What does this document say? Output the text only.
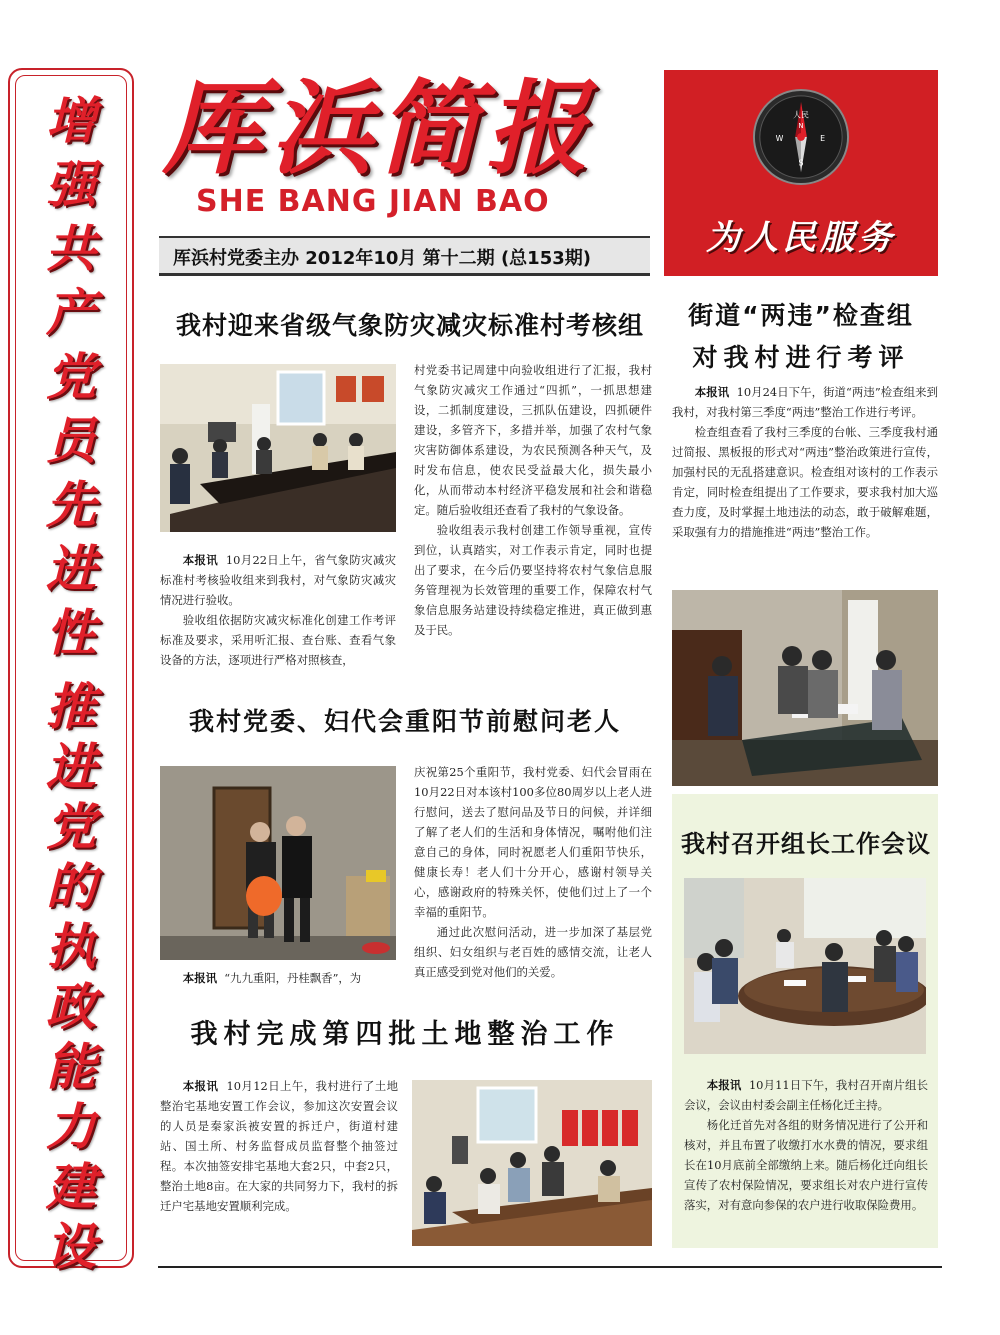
增
强
共
产
党
员
先
进
性
推
进
党
的
执
政
能
力
建
设
厍浜简报
SHE BANG JIAN BAO
厍浜村党委主办 2012年10月 第十二期 (总153期)
人民
N
S
E
W
为人民服务
我村迎来省级气象防灾减灾标准村考核组

本报讯 10月22日上午，省气象防灾减灾标准村考核验收组来到我村，对气象防灾减灾情况进行验收。

验收组依据防灾减灾标准化创建工作考评标准及要求，采用听汇报、查台账、查看气象设备的方法，逐项进行严格对照核查，

村党委书记周建中向验收组进行了汇报，我村气象防灾减灾工作通过“四抓”，一抓思想建设，二抓制度建设，三抓队伍建设，四抓硬件建设，多管齐下，多措并举，加强了农村气象灾害防御体系建设，为农民预测各种天气，及时发布信息，使农民受益最大化，损失最小化，从而带动本村经济平稳发展和社会和谐稳定。随后验收组还查看了我村的气象设备。

验收组表示我村创建工作领导重视，宣传到位，认真踏实，对工作表示肯定，同时也提出了要求，在今后仍要坚持将农村气象信息服务管理视为长效管理的重要工作，保障农村气象信息服务站建设持续稳定推进，真正做到惠及于民。

我村党委、妇代会重阳节前慰问老人

本报讯 “九九重阳，丹桂飘香”，为

庆祝第25个重阳节，我村党委、妇代会冒雨在10月22日对本该村100多位80周岁以上老人进行慰问，送去了慰问品及节日的问候，并详细了解了老人们的生活和身体情况，嘱咐他们注意自己的身体，同时祝愿老人们重阳节快乐，健康长寿！老人们十分开心，感谢村领导关心，感谢政府的特殊关怀，使他们过上了一个幸福的重阳节。

通过此次慰问活动，进一步加深了基层党组织、妇女组织与老百姓的感情交流，让老人真正感受到党对他们的关爱。

我村完成第四批土地整治工作

本报讯 10月12日上午，我村进行了土地整治宅基地安置工作会议，参加这次安置会议的人员是秦家浜被安置的拆迁户，街道村建站、国土所、村务监督成员监督整个抽签过程。本次抽签安排宅基地大套2只，中套2只，整治土地8亩。在大家的共同努力下，我村的拆迁户宅基地安置顺利完成。

街道“两违”检查组
对我村进行考评

本报讯 10月24日下午，街道“两违”检查组来到我村，对我村第三季度“两违”整治工作进行考评。

检查组查看了我村三季度的台帐、三季度我村通过简报、黑板报的形式对“两违”整治政策进行宣传，加强村民的无乱搭建意识。检查组对该村的工作表示肯定，同时检查组提出了工作要求，要求我村加大巡查力度，及时掌握土地违法的动态，敢于破解难题，采取强有力的措施推进“两违”整治工作。

我村召开组长工作会议

本报讯 10月11日下午，我村召开南片组长会议，会议由村委会副主任杨化迁主持。

杨化迁首先对各组的财务情况进行了公开和核对，并且布置了收缴打水水费的情况，要求组长在10月底前全部缴纳上来。随后杨化迁向组长宣传了农村保险情况，要求组长对农户进行宣传落实，对有意向参保的农户进行收取保险费用。
